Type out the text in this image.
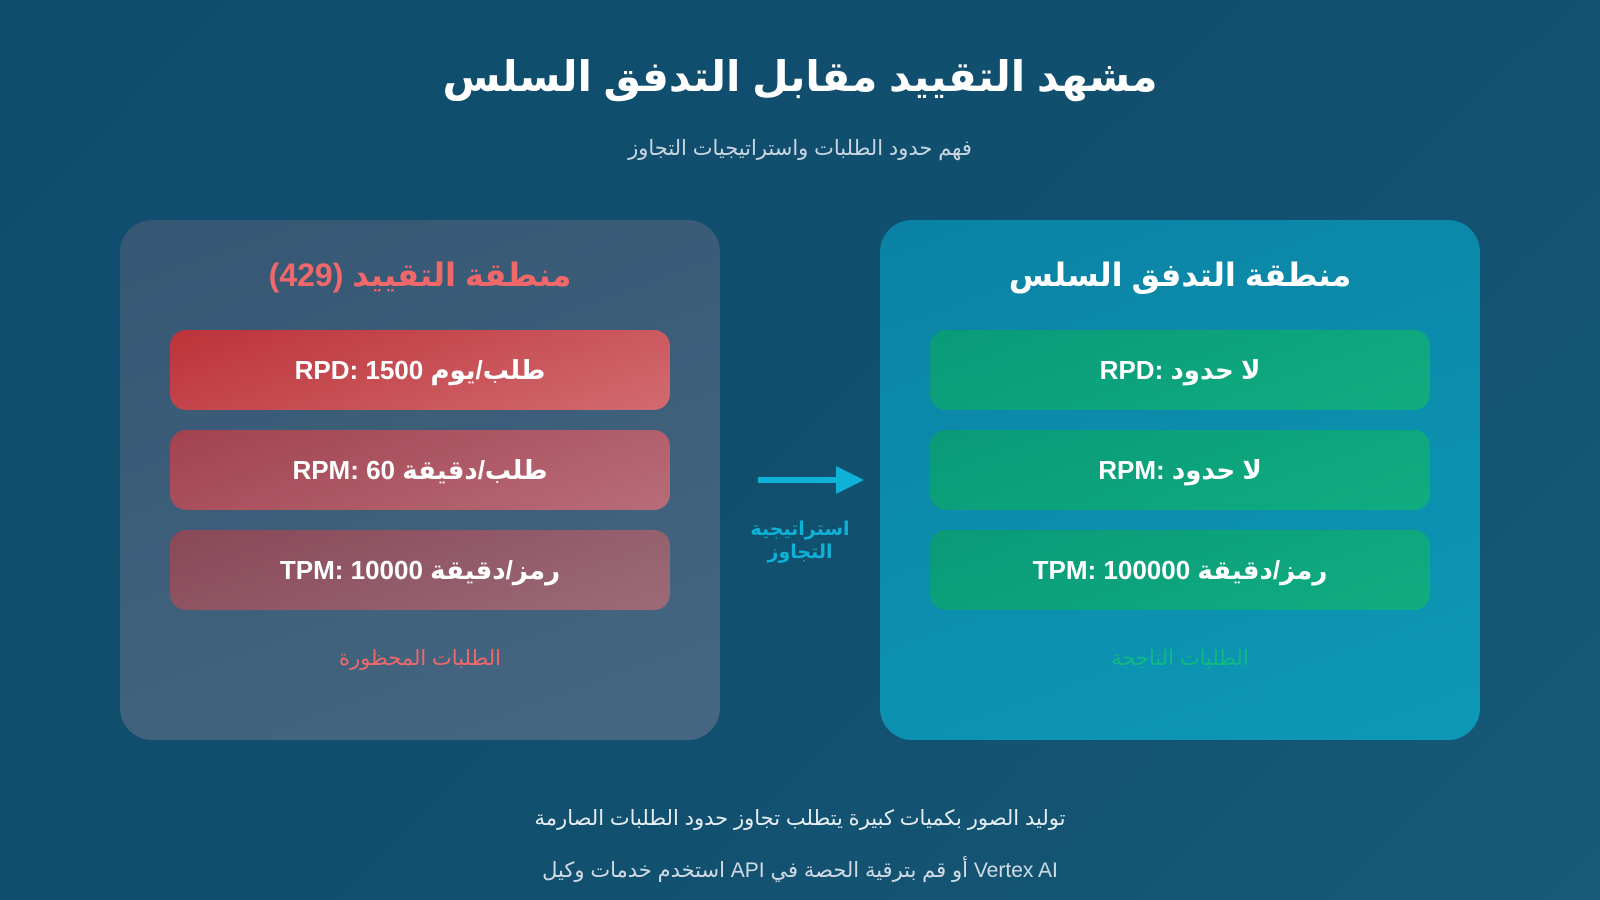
مشهد التقييد مقابل التدفق السلس
فهم حدود الطلبات واستراتيجيات التجاوز
منطقة التقييد (429)
RPD: 1500 طلب/يوم
RPM: 60 طلب/دقيقة
TPM: 10000 رمز/دقيقة
الطلبات المحظورة
استراتيجية التجاوز
منطقة التدفق السلس
RPD: لا حدود
RPM: لا حدود
TPM: 100000 رمز/دقيقة
الطلبات الناجحة
توليد الصور بكميات كبيرة يتطلب تجاوز حدود الطلبات الصارمة
استخدم خدمات وكيل API أو قم بترقية الحصة في Vertex AI
